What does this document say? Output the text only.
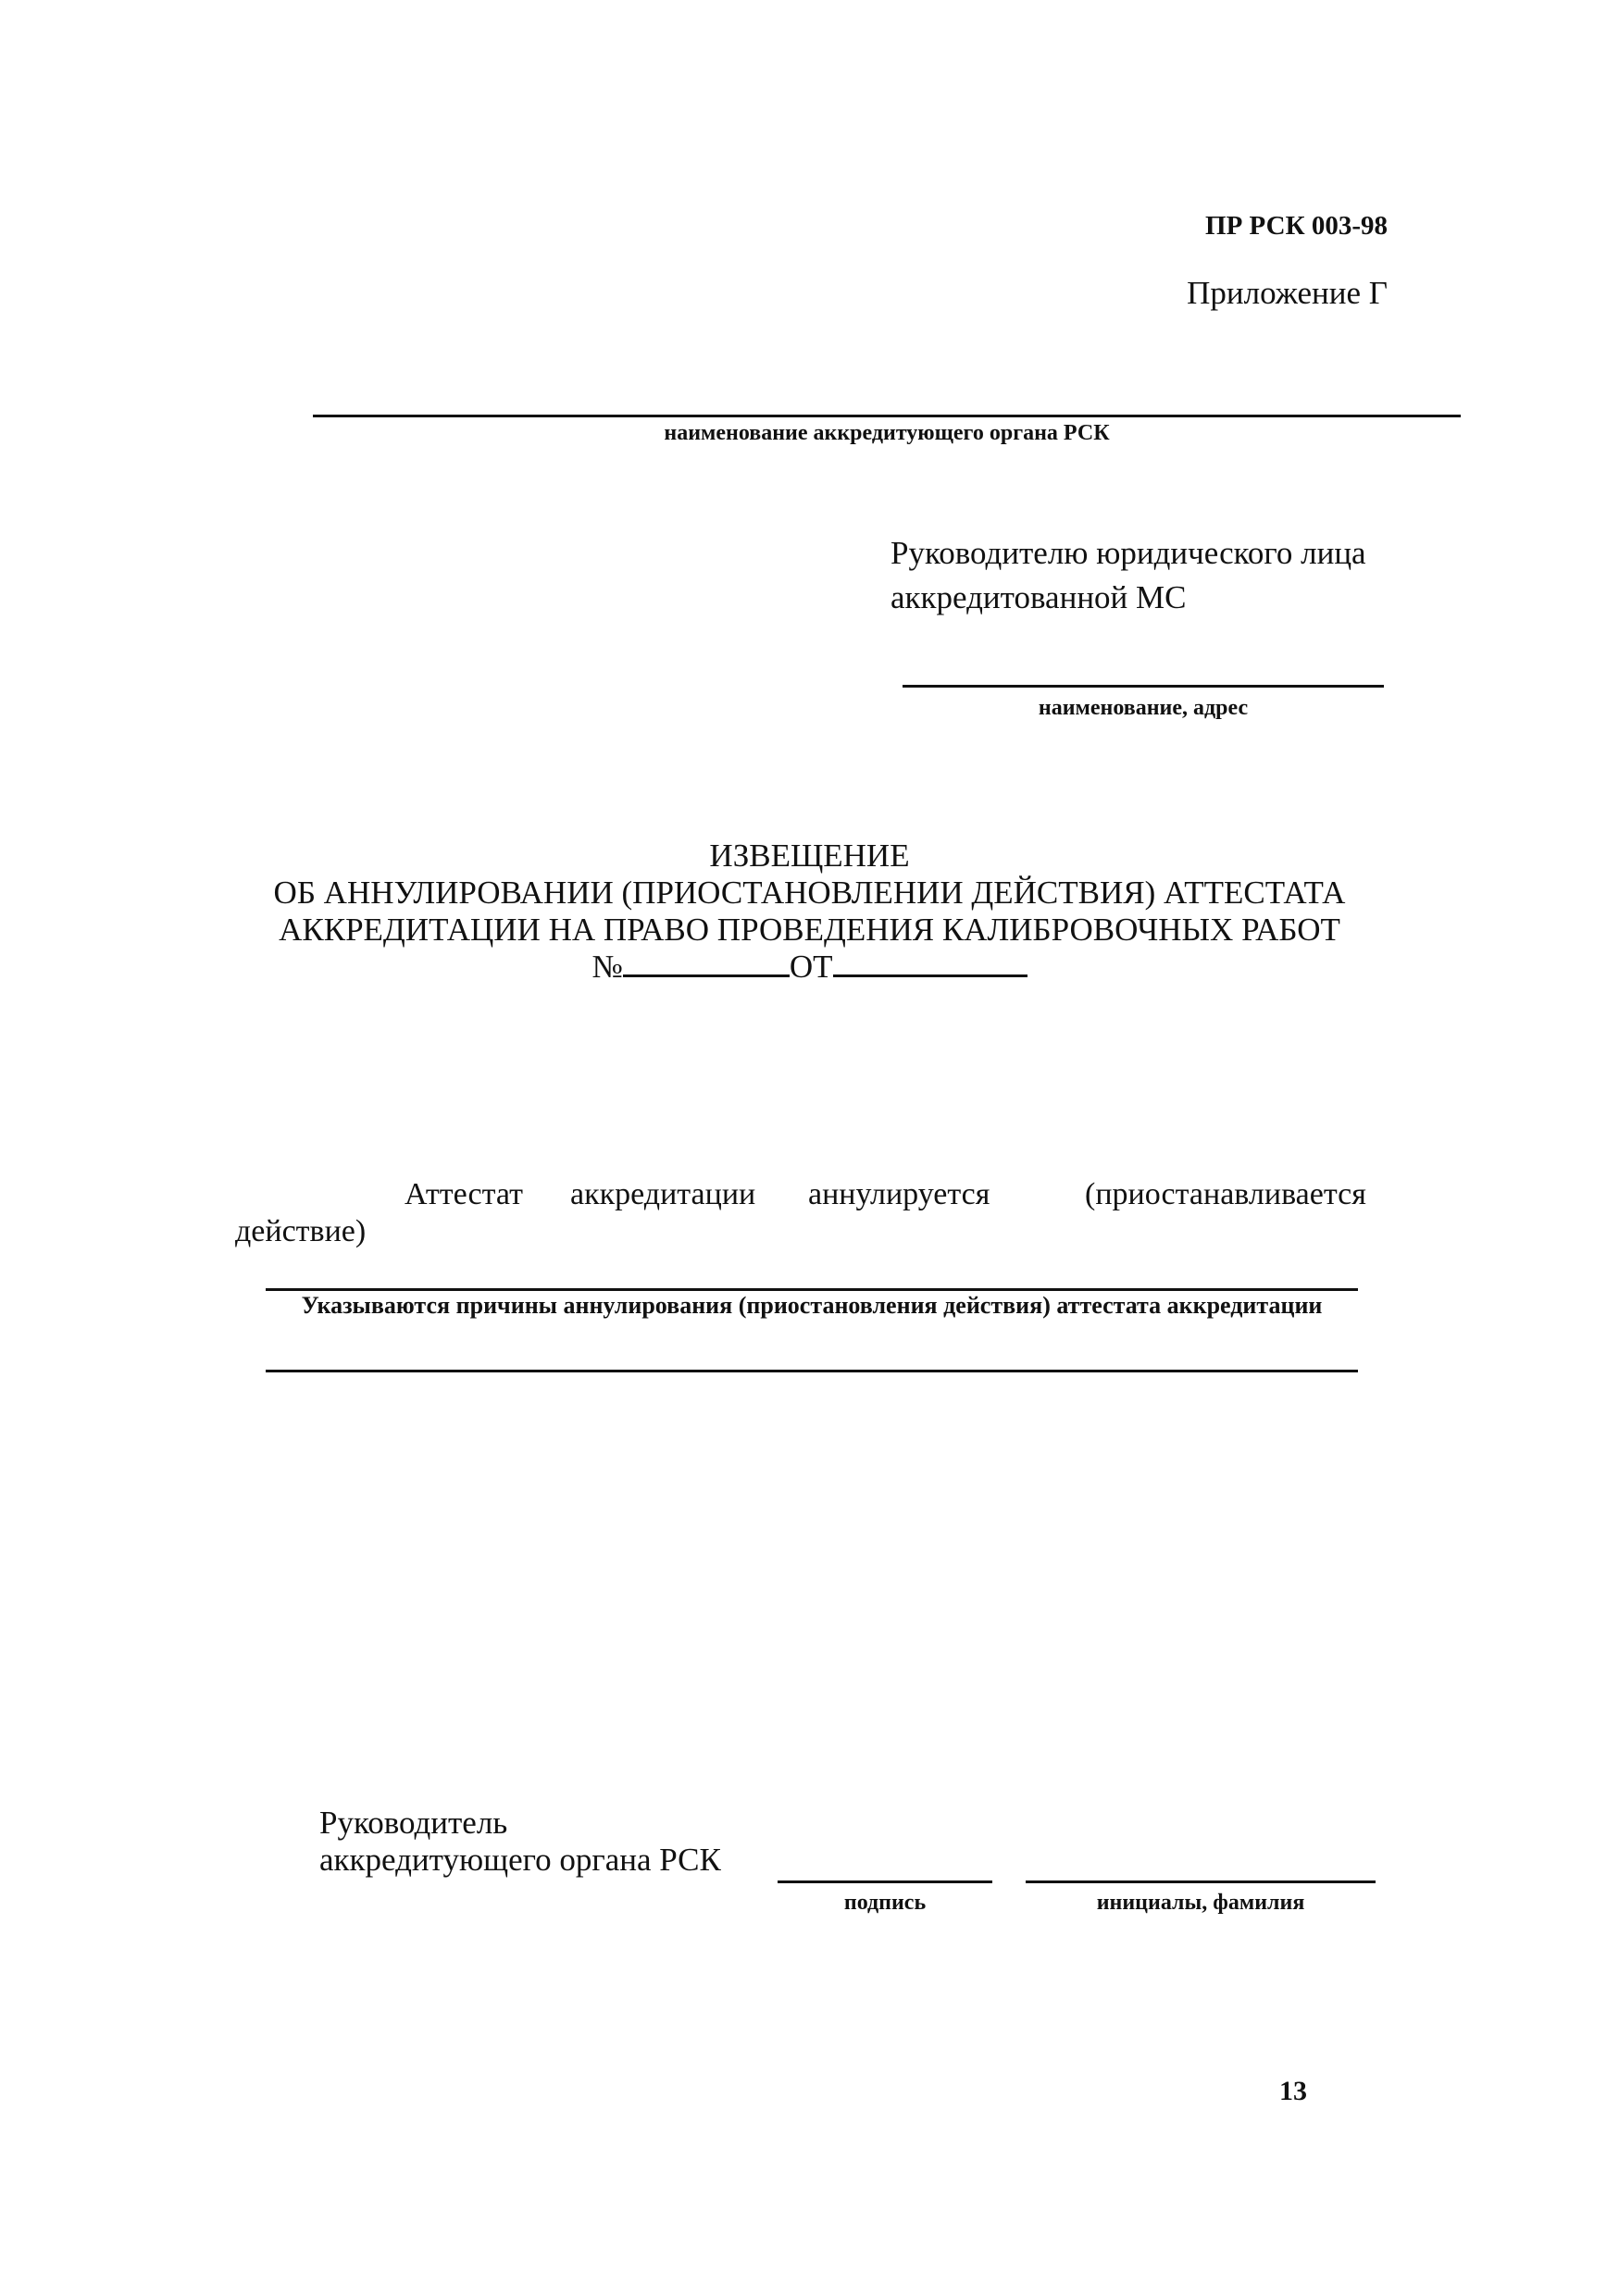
ПР РСК 003-98
Приложение Г
наименование аккредитующего органа РСК
Руководителю юридического лица
аккредитованной МС
наименование, адрес
ИЗВЕЩЕНИЕ
ОБ АННУЛИРОВАНИИ (ПРИОСТАНОВЛЕНИИ ДЕЙСТВИЯ) АТТЕСТАТА
АККРЕДИТАЦИИ НА ПРАВО ПРОВЕДЕНИЯ КАЛИБРОВОЧНЫХ РАБОТ
№	ОТ
Аттестат аккредитации аннулируется	(приостанавливается
действие)
Указываются причины аннулирования (приостановления действия) аттестата аккредитации
Руководитель
аккредитующего органа РСК
подпись	инициалы, фамилия
13
